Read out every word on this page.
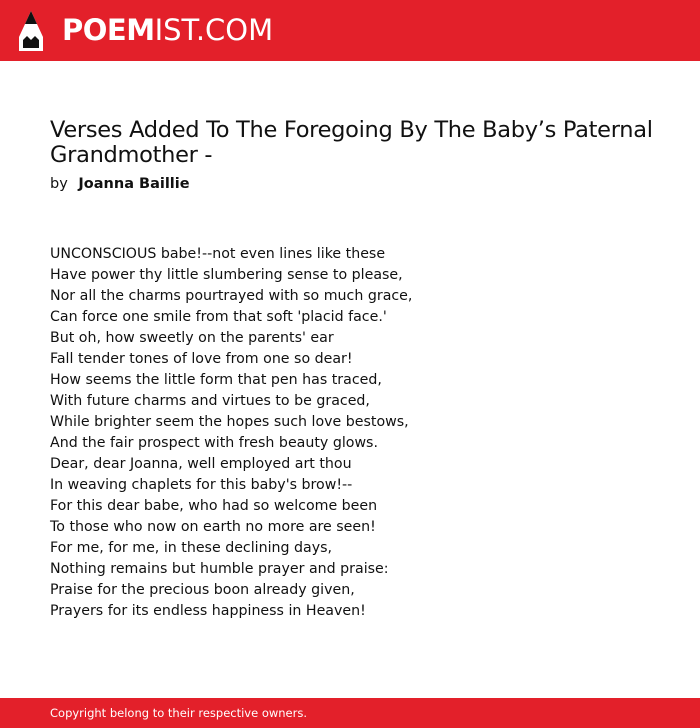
POEMIST.COM
Verses Added To The Foregoing By The Baby’s Paternal Grandmother -
by Joanna Baillie
UNCONSCIOUS babe!--not even lines like these
Have power thy little slumbering sense to please,
Nor all the charms pourtrayed with so much grace,
Can force one smile from that soft 'placid face.'
But oh, how sweetly on the parents' ear
Fall tender tones of love from one so dear!
How seems the little form that pen has traced,
With future charms and virtues to be graced,
While brighter seem the hopes such love bestows,
And the fair prospect with fresh beauty glows.
Dear, dear Joanna, well employed art thou
In weaving chaplets for this baby's brow!--
For this dear babe, who had so welcome been
To those who now on earth no more are seen!
For me, for me, in these declining days,
Nothing remains but humble prayer and praise:
Praise for the precious boon already given,
Prayers for its endless happiness in Heaven!
Copyright belong to their respective owners.
